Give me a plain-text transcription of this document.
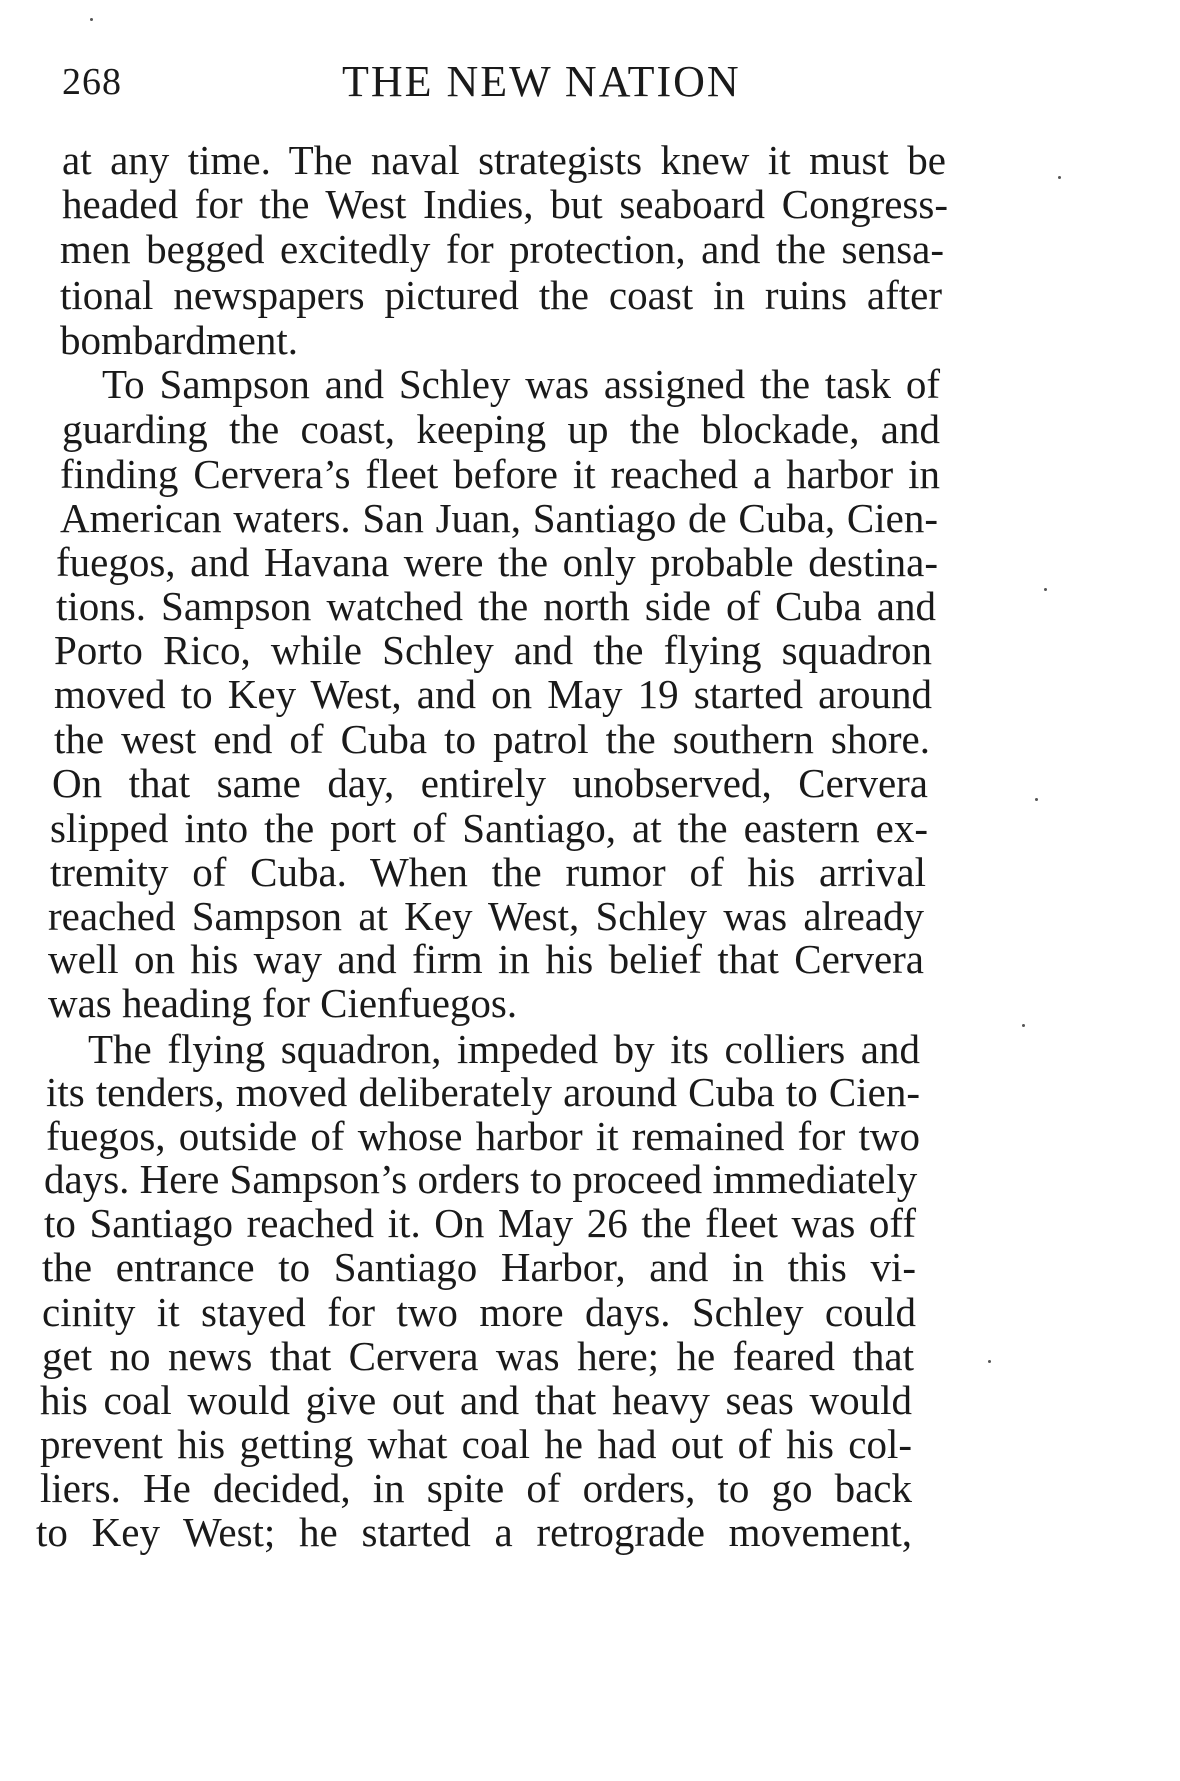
268	THE NEW NATION
at any time. The naval strategists knew it must be
headed for the West Indies, but seaboard Congress-
men begged excitedly for protection, and the sensa-
tional newspapers pictured the coast in ruins after
bombardment.
To Sampson and Schley was assigned the task of
guarding the coast, keeping up the blockade, and
finding Cervera’s fleet before it reached a harbor in
American waters. San Juan, Santiago de Cuba, Cien-
fuegos, and Havana were the only probable destina-
tions. Sampson watched the north side of Cuba and
Porto Rico, while Schley and the flying squadron
moved to Key West, and on May 19 started around
the west end of Cuba to patrol the southern shore.
On that same day, entirely unobserved, Cervera
slipped into the port of Santiago, at the eastern ex-
tremity of Cuba. When the rumor of his arrival
reached Sampson at Key West, Schley was already
well on his way and firm in his belief that Cervera
was heading for Cienfuegos.
The flying squadron, impeded by its colliers and
its tenders, moved deliberately around Cuba to Cien-
fuegos, outside of whose harbor it remained for two
days. Here Sampson’s orders to proceed immediately
to Santiago reached it. On May 26 the fleet was off
the entrance to Santiago Harbor, and in this vi-
cinity it stayed for two more days. Schley could
get no news that Cervera was here; he feared that
his coal would give out and that heavy seas would
prevent his getting what coal he had out of his col-
liers. He decided, in spite of orders, to go back
to Key West; he started a retrograde movement,
